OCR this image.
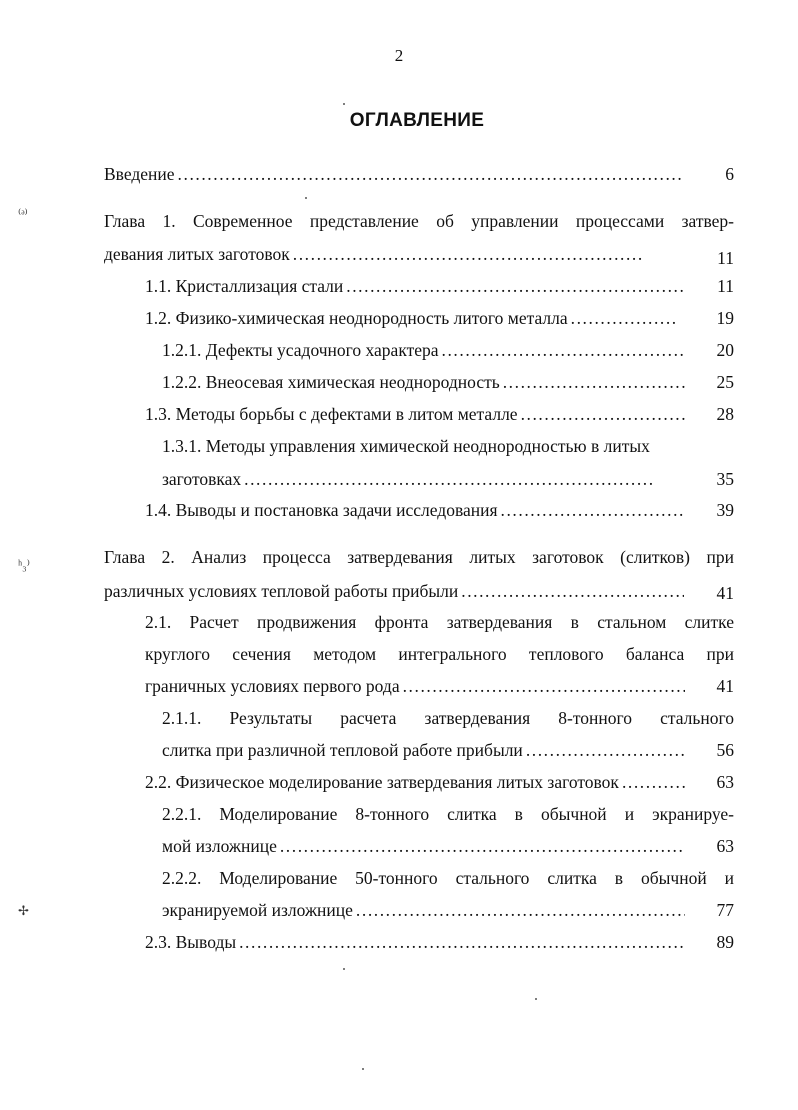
2
ОГЛАВЛЕНИЕ
⁽ᵊ⁾
ʰ₃⁾
✢
Введение . . .	6
Глава 1. Современное представление об управлении процессами затвер-
девания литых заготовок . . .	11
1.1. Кристаллизация стали . . .	11
1.2. Физико-химическая неоднородность литого металла . . .	19
1.2.1. Дефекты усадочного характера . . .	20
1.2.2. Внеосевая химическая неоднородность . . .	25
1.3. Методы борьбы с дефектами в литом металле . . .	28
1.3.1. Методы управления химической неоднородностью в литых
заготовках . . .	35
1.4. Выводы и постановка задачи исследования . . .	39
Глава 2. Анализ процесса затвердевания литых заготовок (слитков) при
различных условиях тепловой работы прибыли . . .	41
2.1. Расчет продвижения фронта затвердевания в стальном слитке
круглого сечения методом интегрального теплового баланса при
граничных условиях первого рода . . .	41
2.1.1. Результаты расчета затвердевания 8-тонного стального
слитка при различной тепловой работе прибыли . . .	56
2.2. Физическое моделирование затвердевания литых заготовок . . .	63
2.2.1. Моделирование 8-тонного слитка в обычной и экранируе-
мой изложнице . . .	63
2.2.2. Моделирование 50-тонного стального слитка в обычной и
экранируемой изложнице . . .	77
2.3. Выводы . . .	89
